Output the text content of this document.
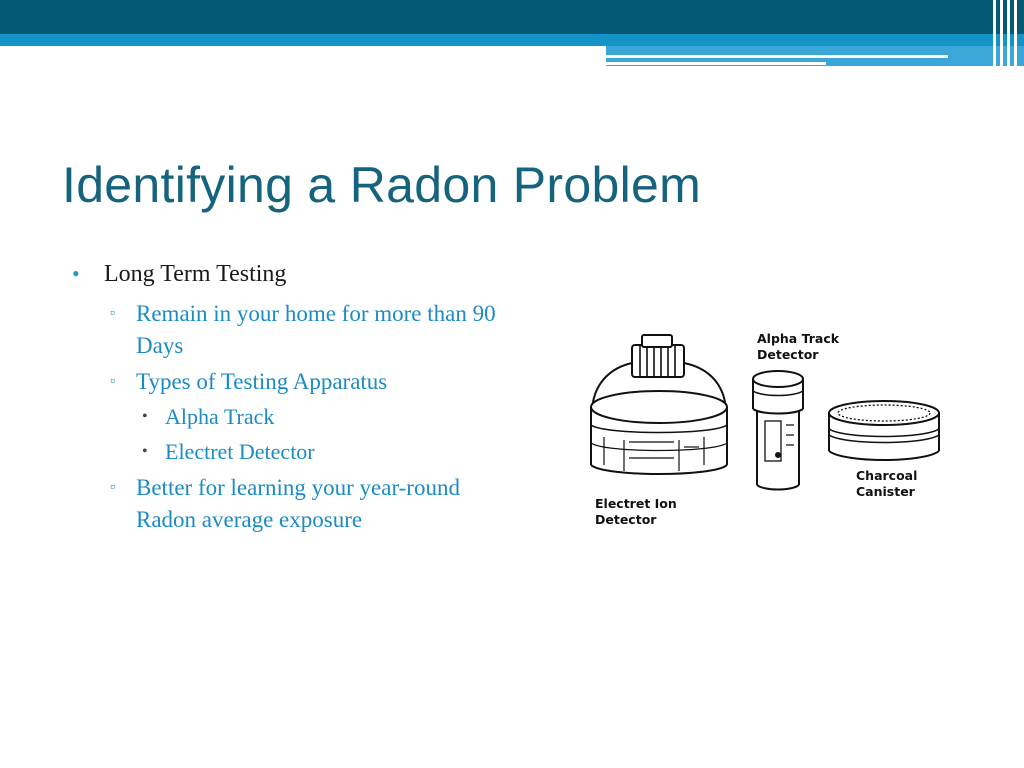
Identifying a Radon Problem
• Long Term Testing
▫ Remain in your home for more than 90 Days
▫ Types of Testing Apparatus
• Alpha Track
• Electret Detector
▫ Better for learning your year-round Radon average exposure
Alpha Track
Detector
Charcoal
Canister
Electret Ion
Detector
